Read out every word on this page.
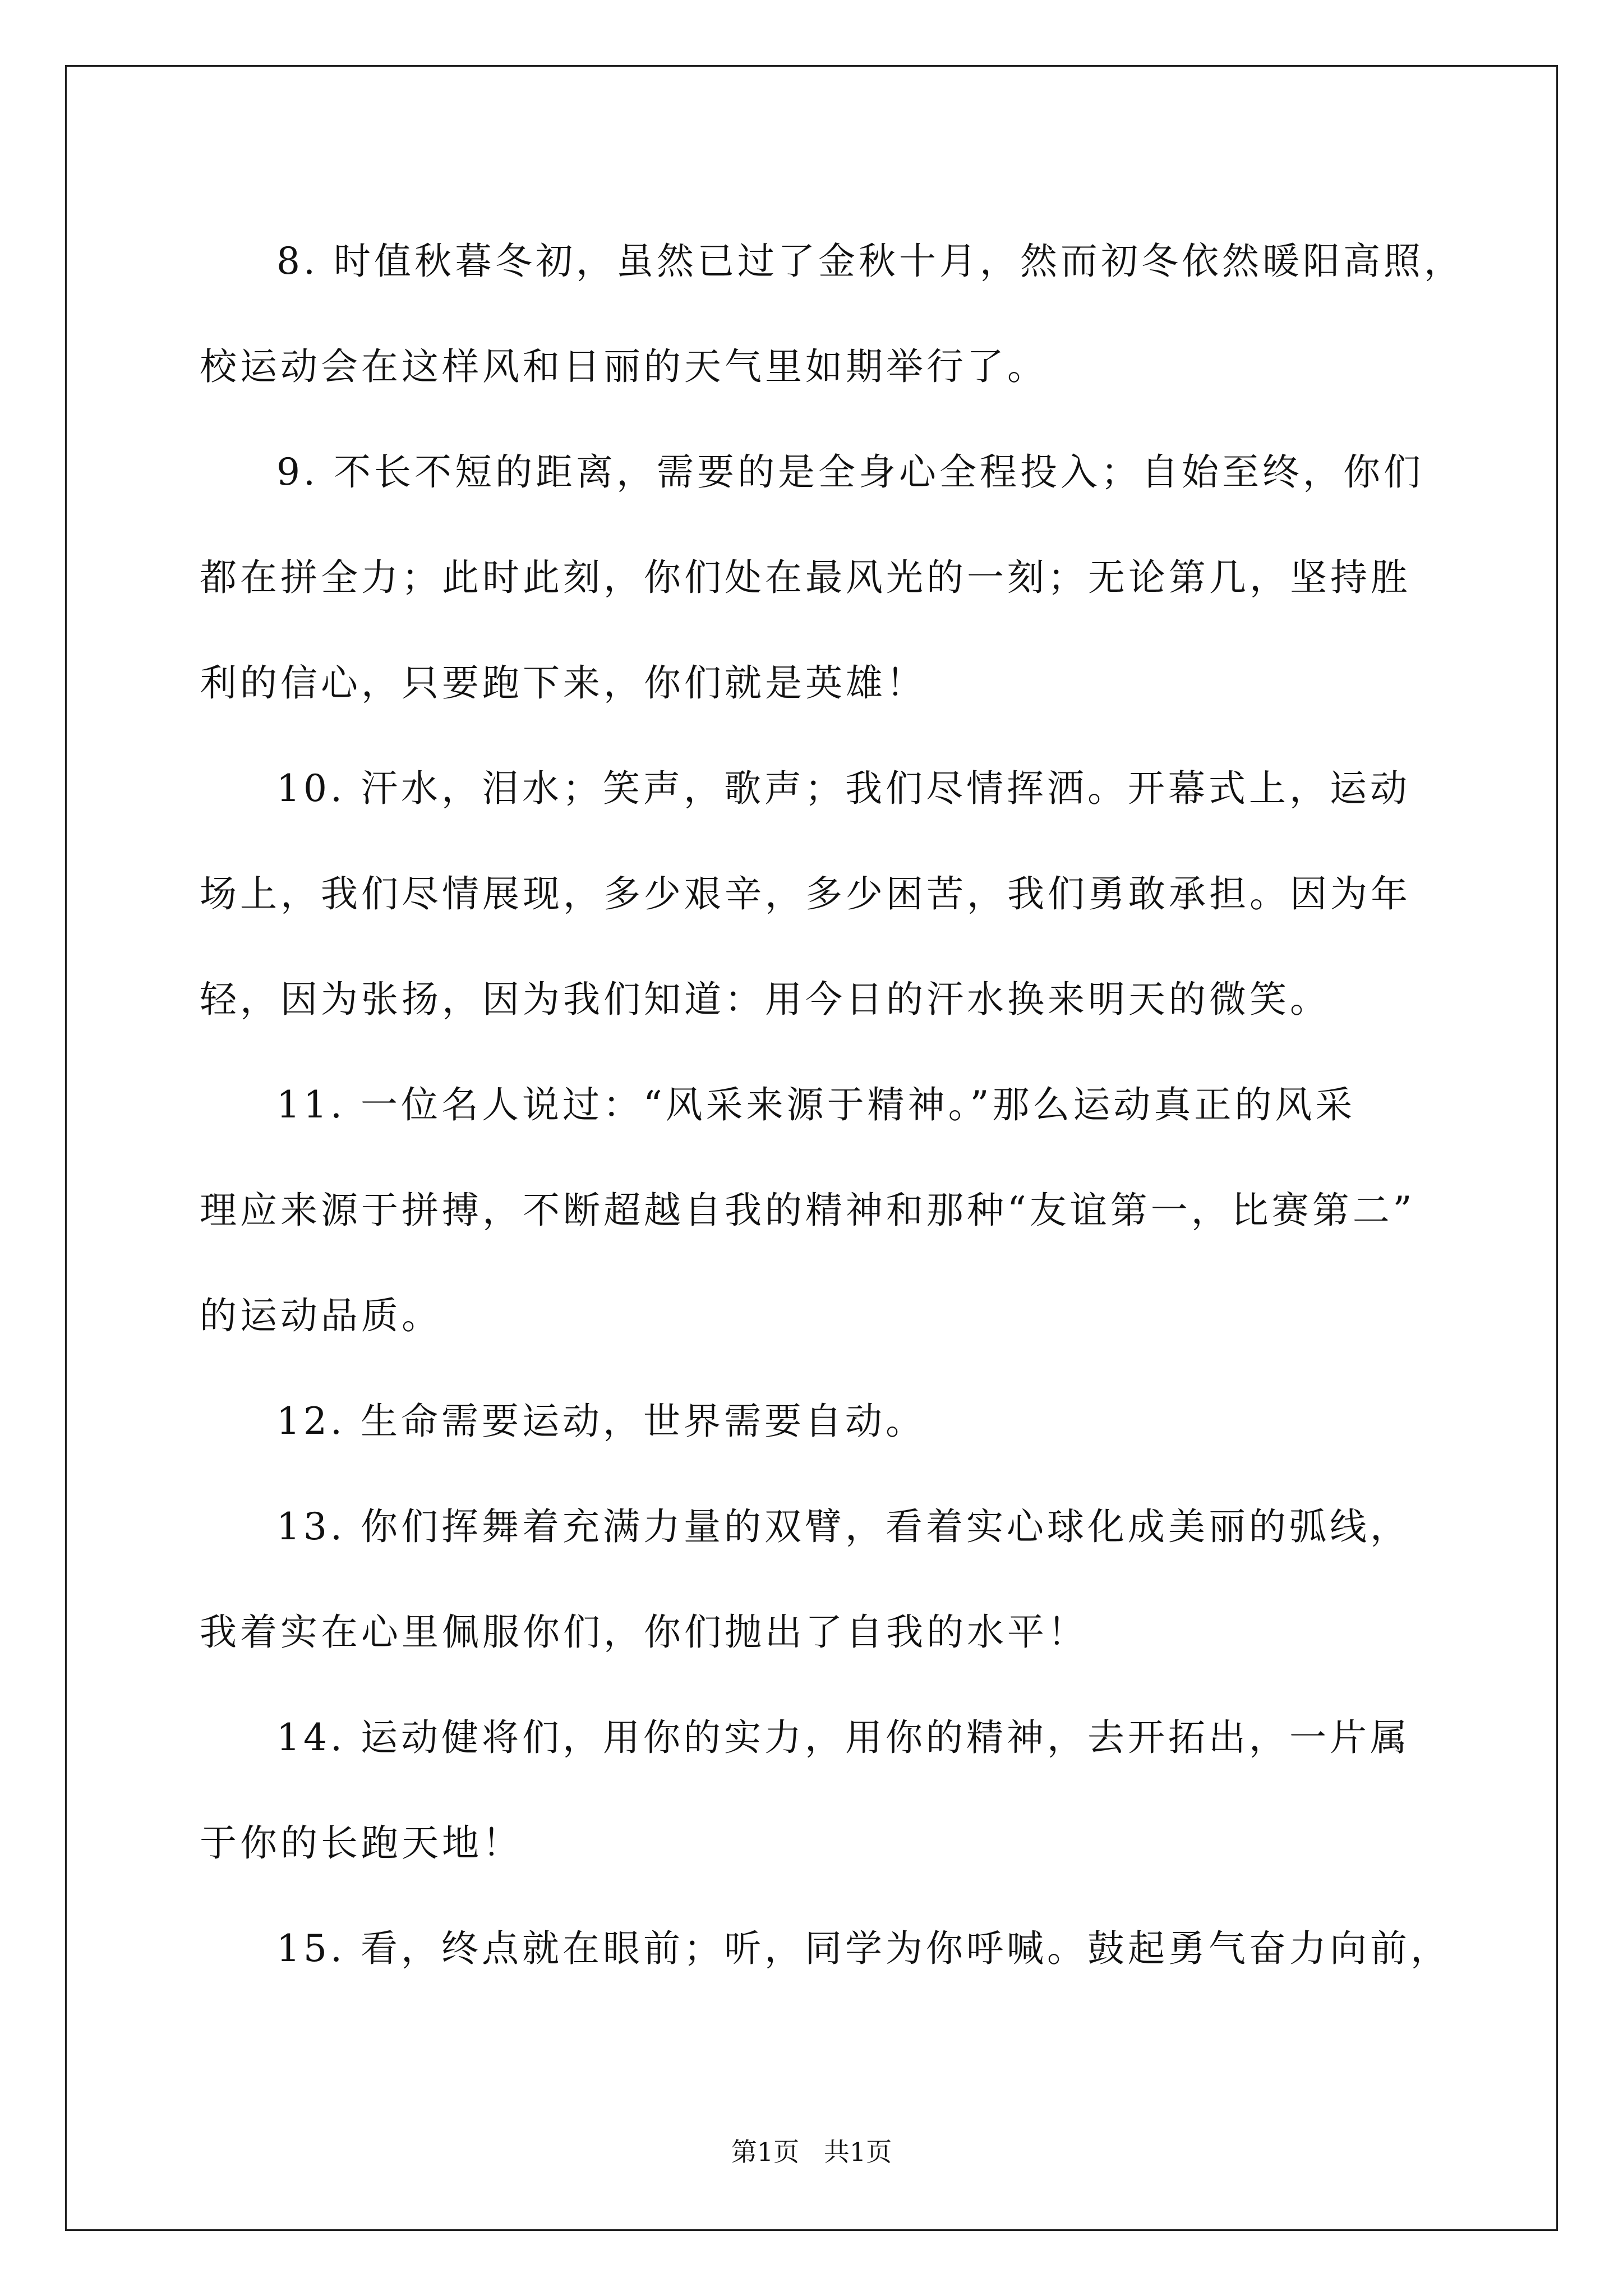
8. 时值秋暮冬初，虽然已过了金秋十月，然而初冬依然暖阳高照，
校运动会在这样风和日丽的天气里如期举行了。
9. 不长不短的距离，需要的是全身心全程投入；自始至终，你们
都在拼全力；此时此刻，你们处在最风光的一刻；无论第几，坚持胜
利的信心，只要跑下来，你们就是英雄！
10. 汗水，泪水；笑声，歌声；我们尽情挥洒。开幕式上，运动
场上，我们尽情展现，多少艰辛，多少困苦，我们勇敢承担。因为年
轻，因为张扬，因为我们知道：用今日的汗水换来明天的微笑。
11. 一位名人说过：“风采来源于精神。”那么运动真正的风采
理应来源于拼搏，不断超越自我的精神和那种“友谊第一，比赛第二”
的运动品质。
12. 生命需要运动，世界需要自动。
13. 你们挥舞着充满力量的双臂，看着实心球化成美丽的弧线，
我着实在心里佩服你们，你们抛出了自我的水平！
14. 运动健将们，用你的实力，用你的精神，去开拓出，一片属
于你的长跑天地！
15. 看，终点就在眼前；听，同学为你呼喊。鼓起勇气奋力向前，
第1页   共1页
